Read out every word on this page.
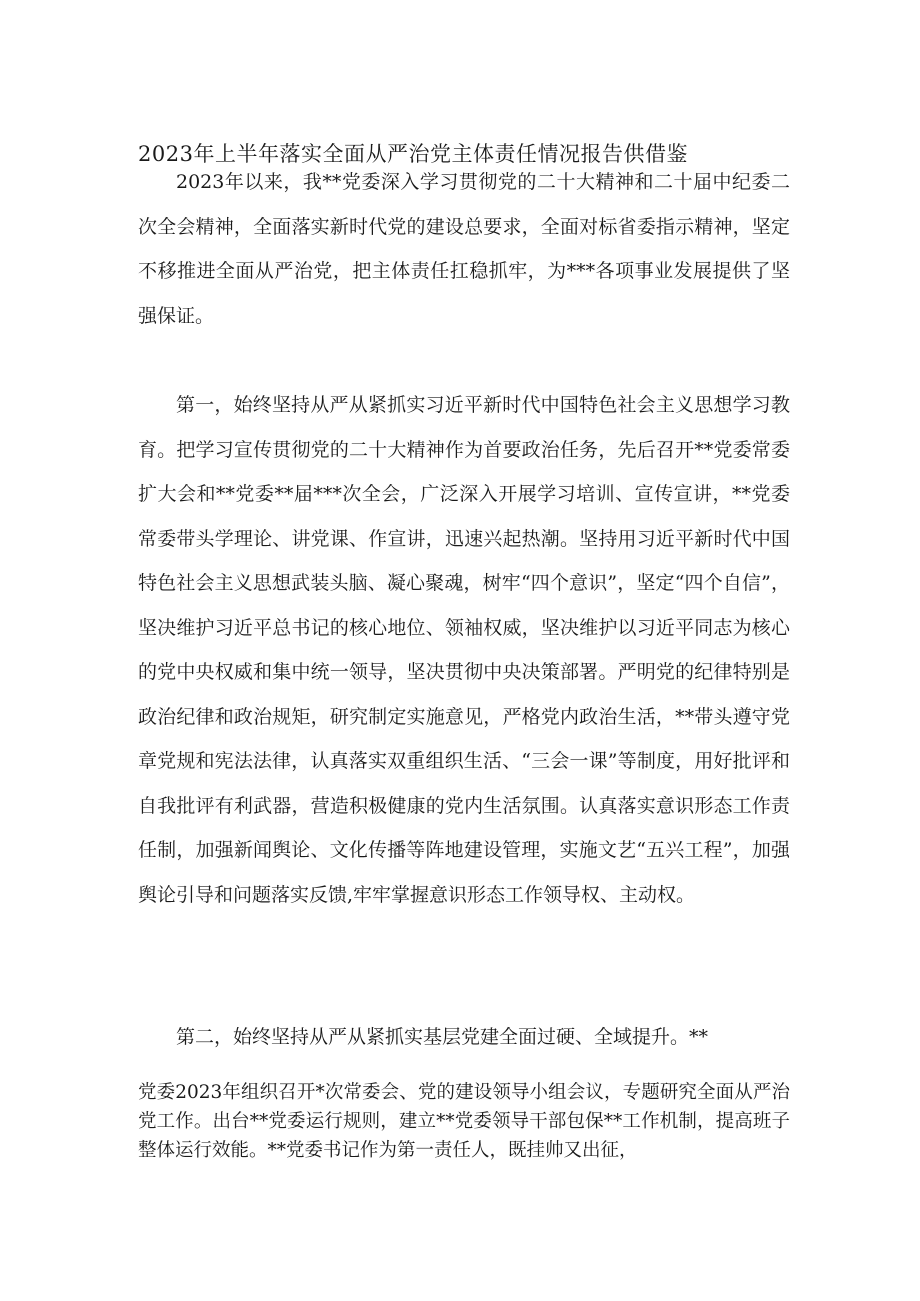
2023年上半年落实全面从严治党主体责任情况报告供借鉴

2023年以来，我**党委深入学习贯彻党的二十大精神和二十届中纪委二次全会精神，全面落实新时代党的建设总要求，全面对标省委指示精神，坚定不移推进全面从严治党，把主体责任扛稳抓牢，为***各项事业发展提供了坚强保证。

第一，始终坚持从严从紧抓实习近平新时代中国特色社会主义思想学习教育。把学习宣传贯彻党的二十大精神作为首要政治任务，先后召开**党委常委扩大会和**党委**届***次全会，广泛深入开展学习培训、宣传宣讲，**党委常委带头学理论、讲党课、作宣讲，迅速兴起热潮。坚持用习近平新时代中国特色社会主义思想武装头脑、凝心聚魂，树牢“四个意识”，坚定“四个自信”，坚决维护习近平总书记的核心地位、领袖权威，坚决维护以习近平同志为核心的党中央权威和集中统一领导，坚决贯彻中央决策部署。严明党的纪律特别是政治纪律和政治规矩，研究制定实施意见，严格党内政治生活，**带头遵守党章党规和宪法法律，认真落实双重组织生活、“三会一课”等制度，用好批评和自我批评有利武器，营造积极健康的党内生活氛围。认真落实意识形态工作责任制，加强新闻舆论、文化传播等阵地建设管理，实施文艺“五兴工程”，加强舆论引导和问题落实反馈,牢牢掌握意识形态工作领导权、主动权。

第二，始终坚持从严从紧抓实基层党建全面过硬、全域提升。**

党委2023年组织召开*次常委会、党的建设领导小组会议，专题研究全面从严治党工作。出台**党委运行规则，建立**党委领导干部包保**工作机制，提高班子整体运行效能。**党委书记作为第一责任人，既挂帅又出征，
